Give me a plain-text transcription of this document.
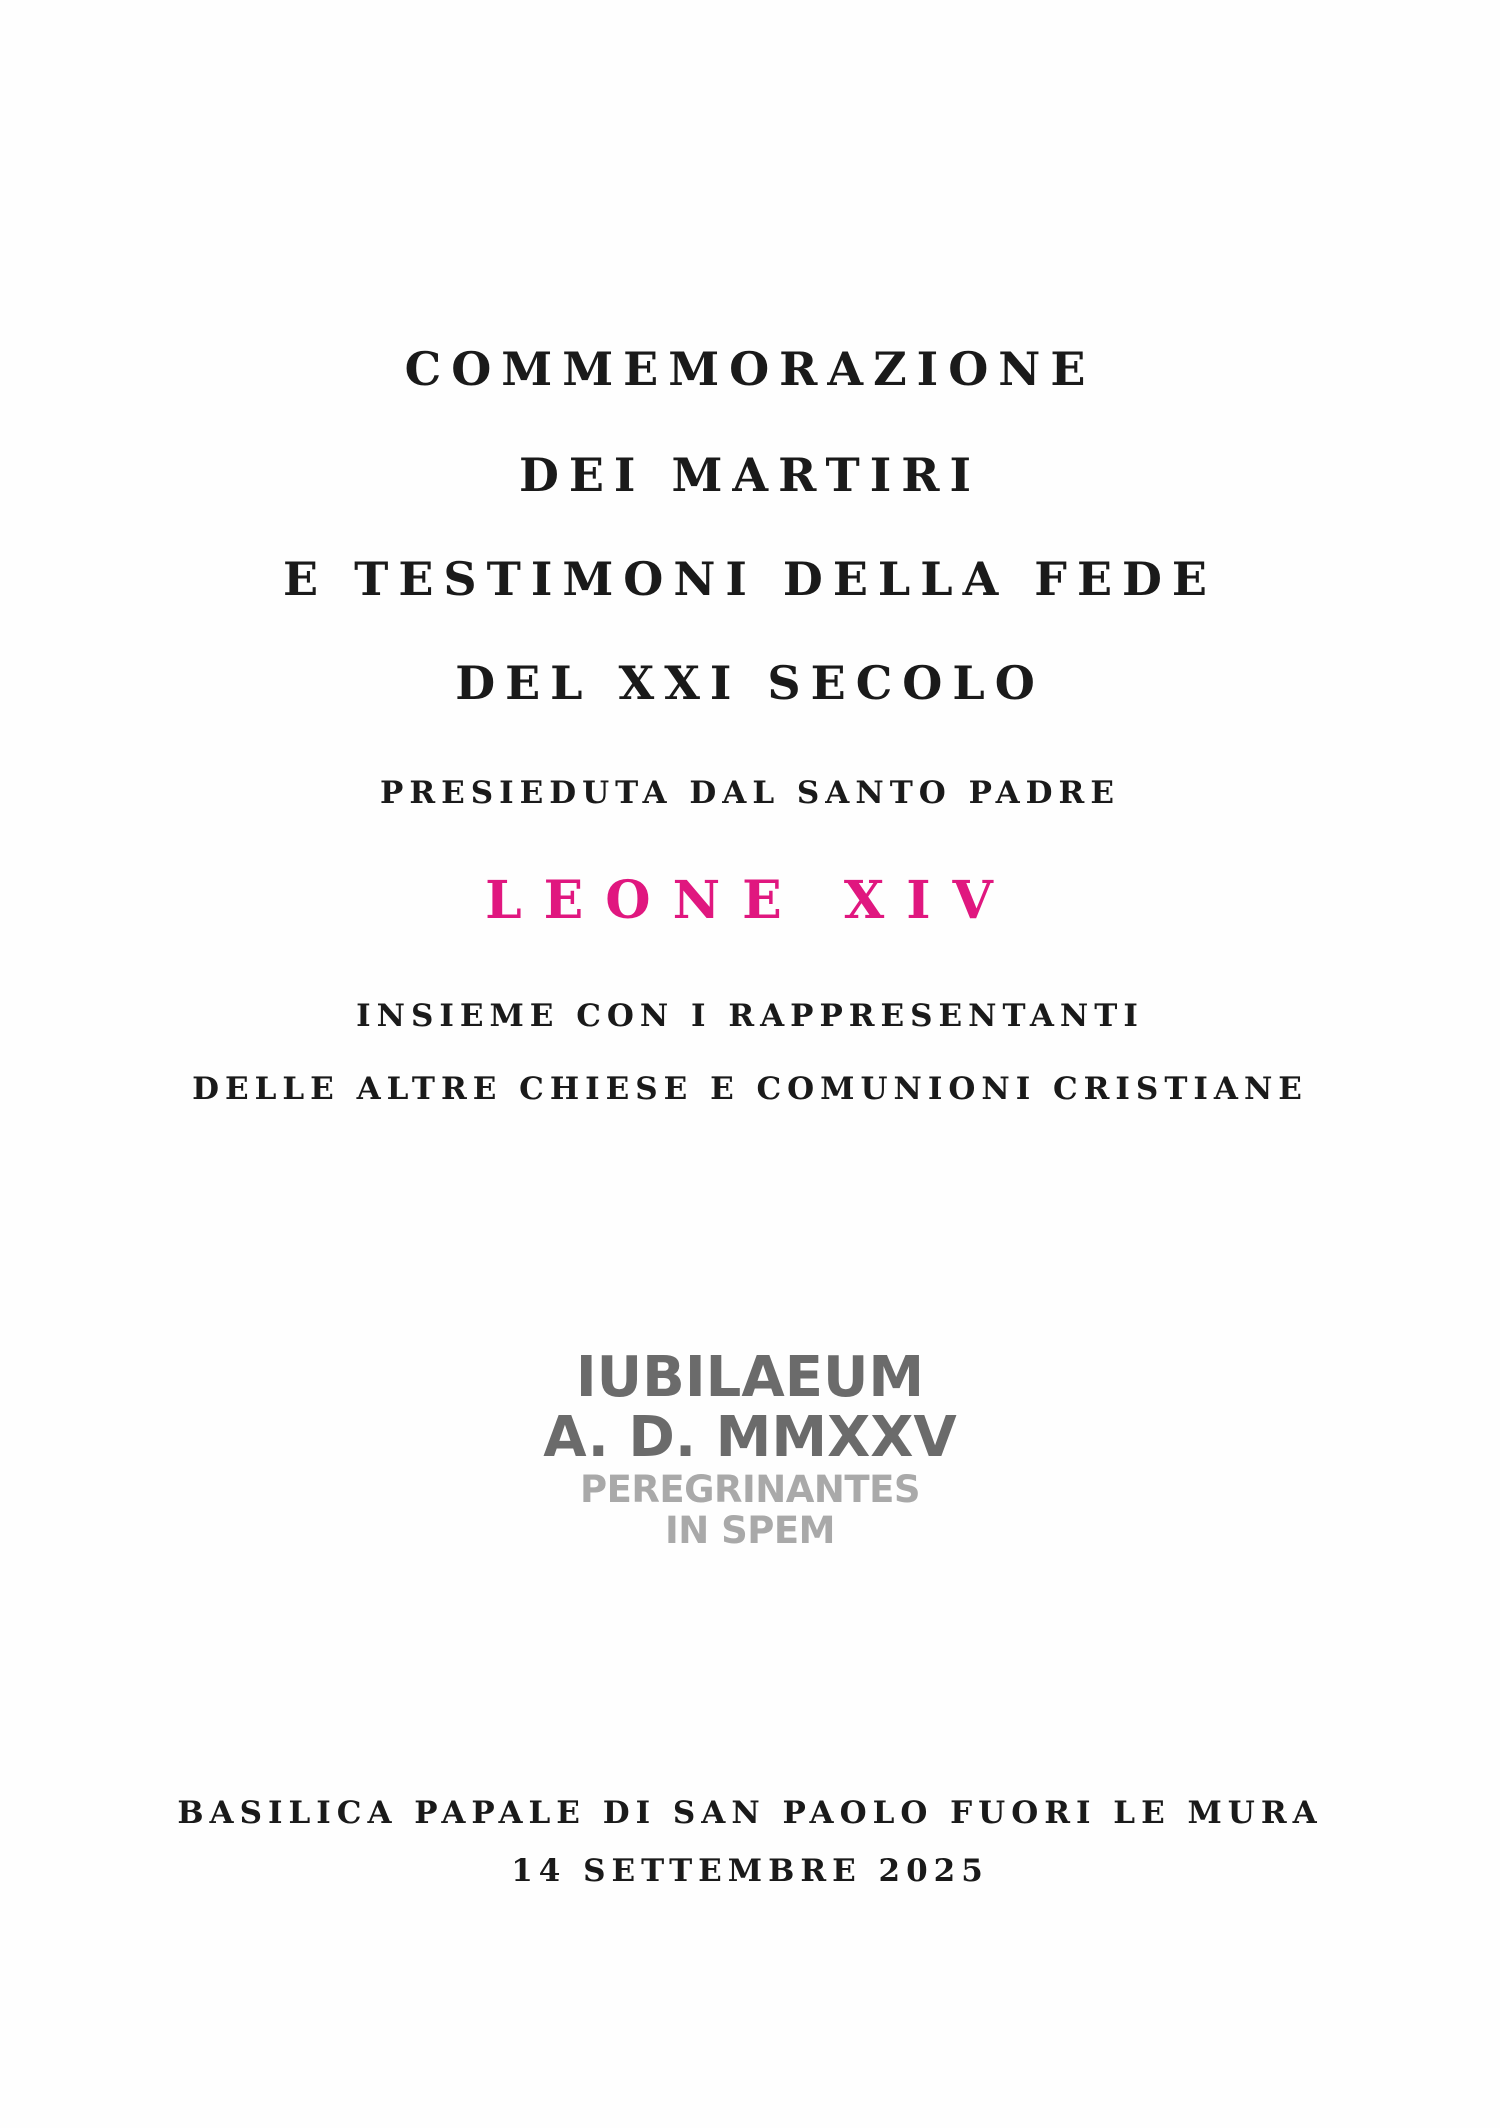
COMMEMORAZIONE
DEI MARTIRI
E TESTIMONI DELLA FEDE
DEL XXI SECOLO
PRESIEDUTA DAL SANTO PADRE
LEONE XIV
INSIEME CON I RAPPRESENTANTI
DELLE ALTRE CHIESE E COMUNIONI CRISTIANE
IUBILAEUM
A. D. MMXXV
PEREGRINANTES
IN SPEM
BASILICA PAPALE DI SAN PAOLO FUORI LE MURA
14 SETTEMBRE 2025
